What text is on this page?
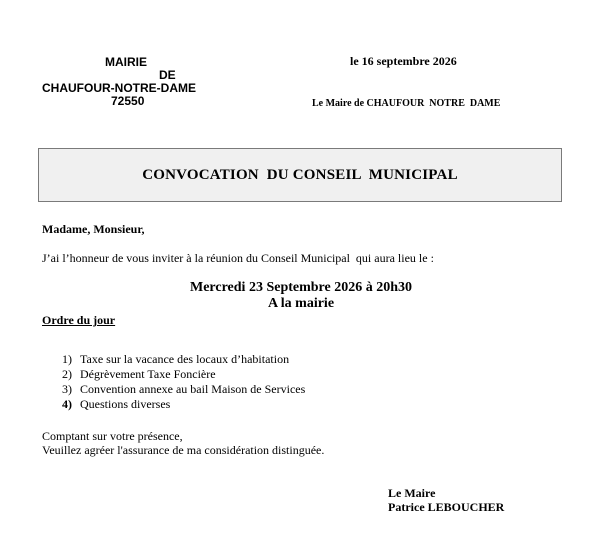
MAIRIE
DE
CHAUFOUR-NOTRE-DAME
72550
le 16 septembre 2026
Le Maire de CHAUFOUR  NOTRE  DAME
CONVOCATION  DU CONSEIL  MUNICIPAL
Madame, Monsieur,
J’ai l’honneur de vous inviter à la réunion du Conseil Municipal  qui aura lieu le :
Mercredi 23 Septembre 2026 à 20h30
A la mairie
Ordre du jour
1) Taxe sur la vacance des locaux d’habitation
2) Dégrèvement Taxe Foncière
3) Convention annexe au bail Maison de Services
4) Questions diverses
Comptant sur votre présence,
Veuillez agréer l'assurance de ma considération distinguée.
Le Maire
Patrice LEBOUCHER
